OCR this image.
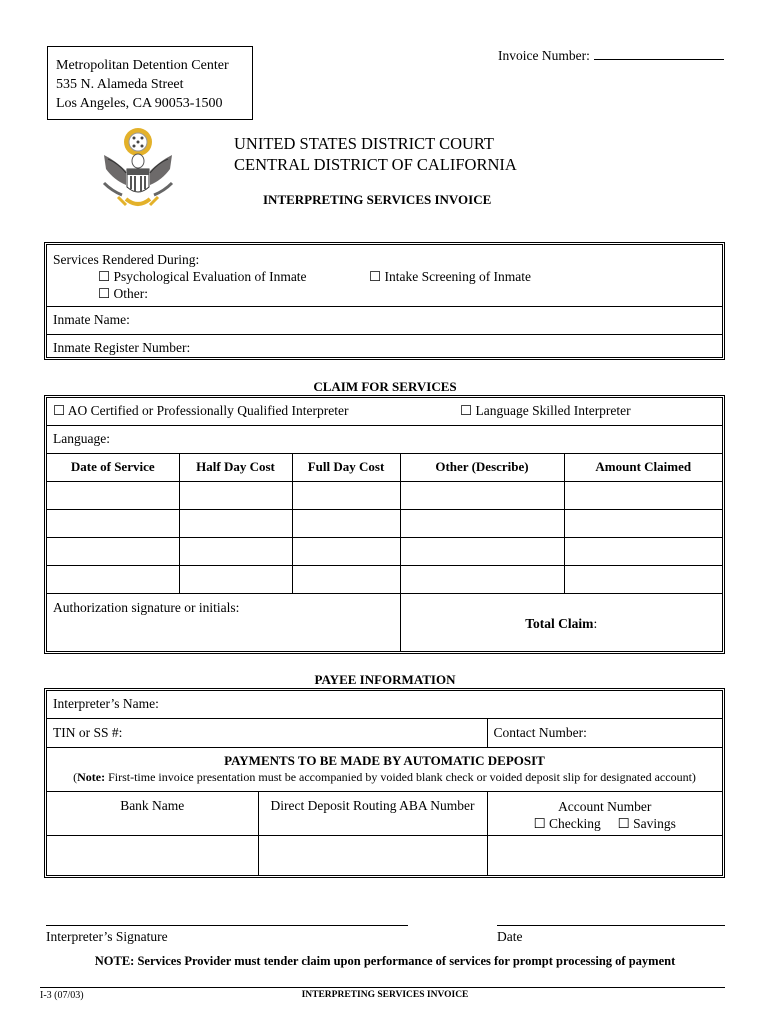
Metropolitan Detention Center
535 N. Alameda Street
Los Angeles, CA 90053-1500
Invoice Number:
UNITED STATES DISTRICT COURT
CENTRAL DISTRICT OF CALIFORNIA
INTERPRETING SERVICES INVOICE
Services Rendered During:
☐ Psychological Evaluation of Inmate	☐ Intake Screening of Inmate
☐ Other:

Inmate Name:
Inmate Register Number:
CLAIM FOR SERVICES
☐ AO Certified or Professionally Qualified Interpreter ☐ Language Skilled Interpreter				

Language:				
Date of Service	Half Day Cost	Full Day Cost	Other (Describe)	Amount Claimed

Authorization signature or initials:			Total Claim:	
PAYEE INFORMATION
Interpreter’s Name:		
TIN or SS #:		Contact Number:

PAYMENTS TO BE MADE BY AUTOMATIC DEPOSIT
(Note: First-time invoice presentation must be accompanied by voided blank check or voided deposit slip for designated account)		

Bank Name	Direct Deposit Routing ABA Number	Account Number
☐ Checking ☐ Savings

Interpreter’s Signature	Date
NOTE: Services Provider must tender claim upon performance of services for prompt processing of payment
I-3 (07/03)	INTERPRETING SERVICES INVOICE
